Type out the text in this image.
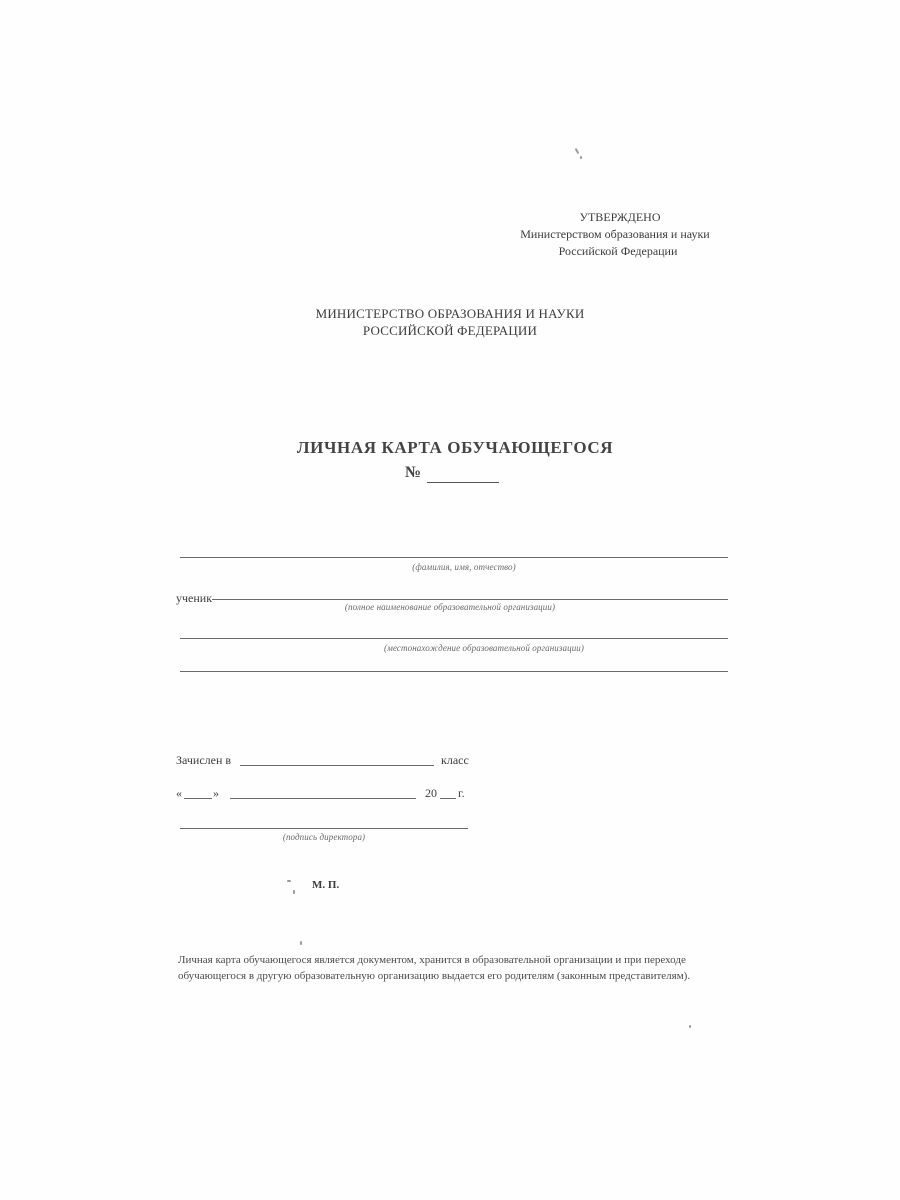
УТВЕРЖДЕНО
Министерством образования и науки
Российской Федерации
МИНИСТЕРСТВО ОБРАЗОВАНИЯ И НАУКИ
РОССИЙСКОЙ ФЕДЕРАЦИИ
ЛИЧНАЯ КАРТА ОБУЧАЮЩЕГОСЯ
№
(фамилия, имя, отчество)
ученик
(полное наименование образовательной организации)
(местонахождение образовательной организации)
Зачислен в	класс
«	»	20 г.
(подпись директора)
М. П.
Личная карта обучающегося является документом, хранится в образовательной организации и при переходе обучающегося в другую образовательную организацию выдается его родителям (законным представителям).
